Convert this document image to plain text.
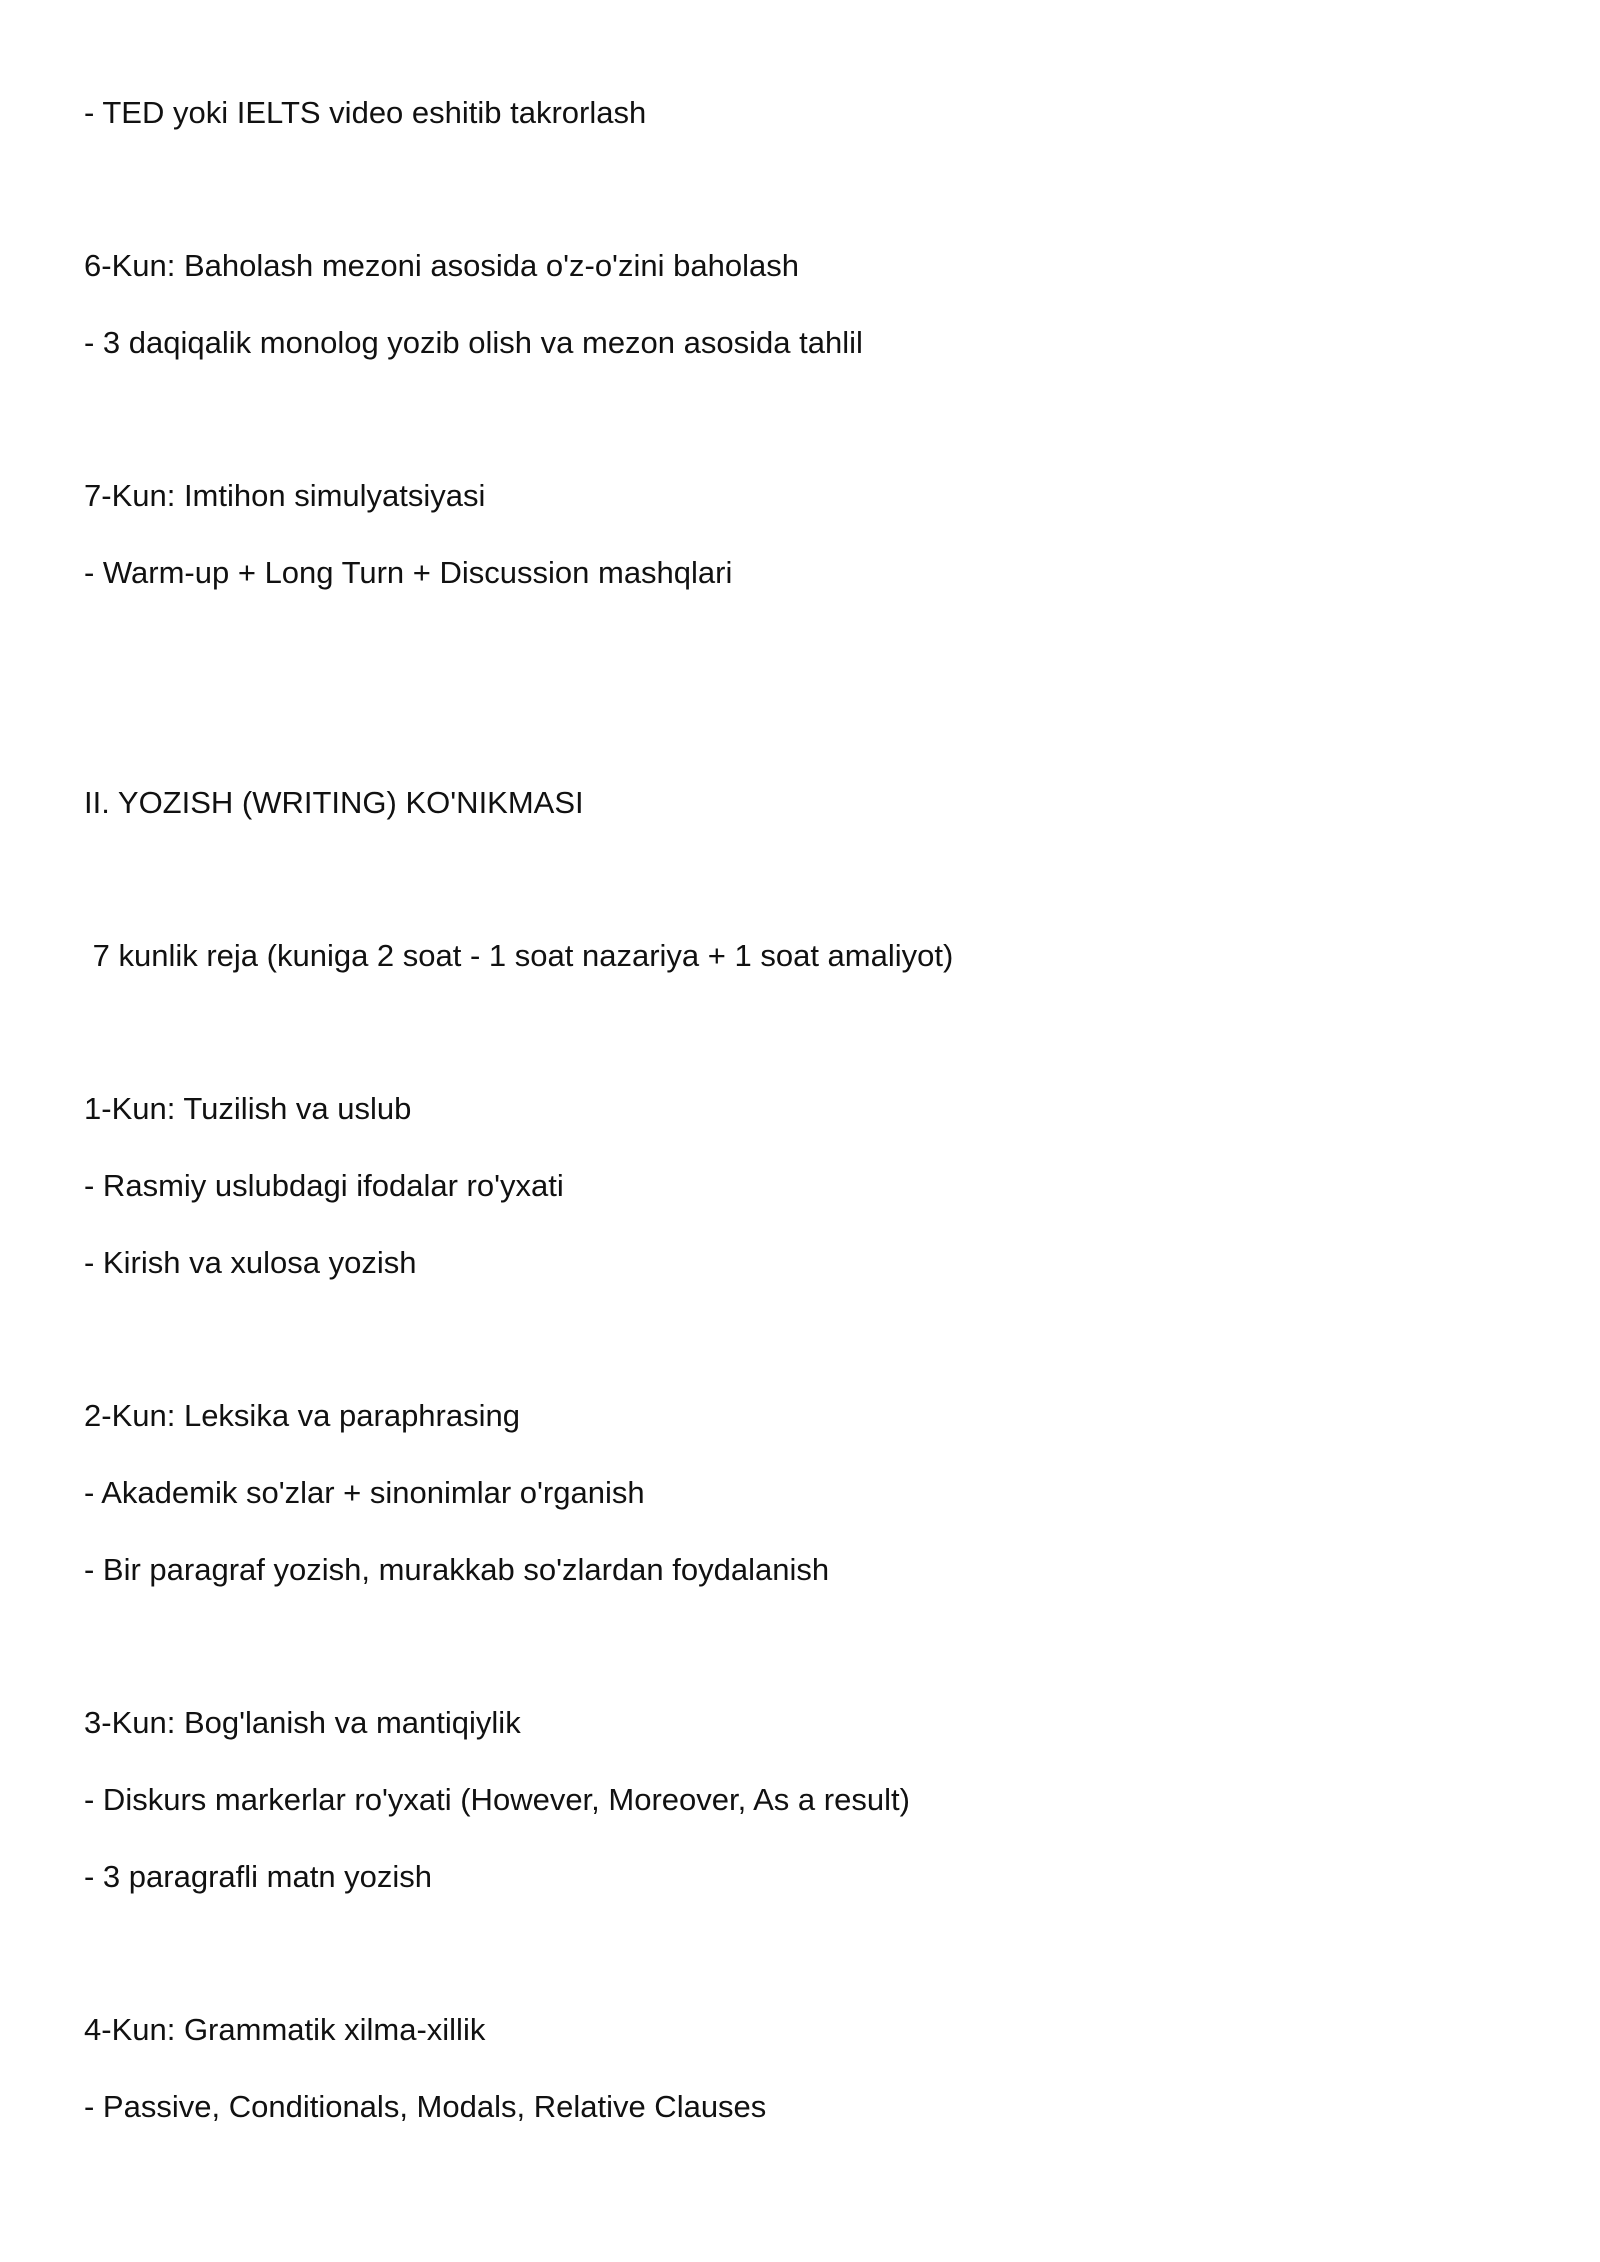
- TED yoki IELTS video eshitib takrorlash

6-Kun: Baholash mezoni asosida o'z-o'zini baholash

- 3 daqiqalik monolog yozib olish va mezon asosida tahlil

7-Kun: Imtihon simulyatsiyasi

- Warm-up + Long Turn + Discussion mashqlari

II. YOZISH (WRITING) KO'NIKMASI

7 kunlik reja (kuniga 2 soat - 1 soat nazariya + 1 soat amaliyot)

1-Kun: Tuzilish va uslub

- Rasmiy uslubdagi ifodalar ro'yxati

- Kirish va xulosa yozish

2-Kun: Leksika va paraphrasing

- Akademik so'zlar + sinonimlar o'rganish

- Bir paragraf yozish, murakkab so'zlardan foydalanish

3-Kun: Bog'lanish va mantiqiylik

- Diskurs markerlar ro'yxati (However, Moreover, As a result)

- 3 paragrafli matn yozish

4-Kun: Grammatik xilma-xillik

- Passive, Conditionals, Modals, Relative Clauses
